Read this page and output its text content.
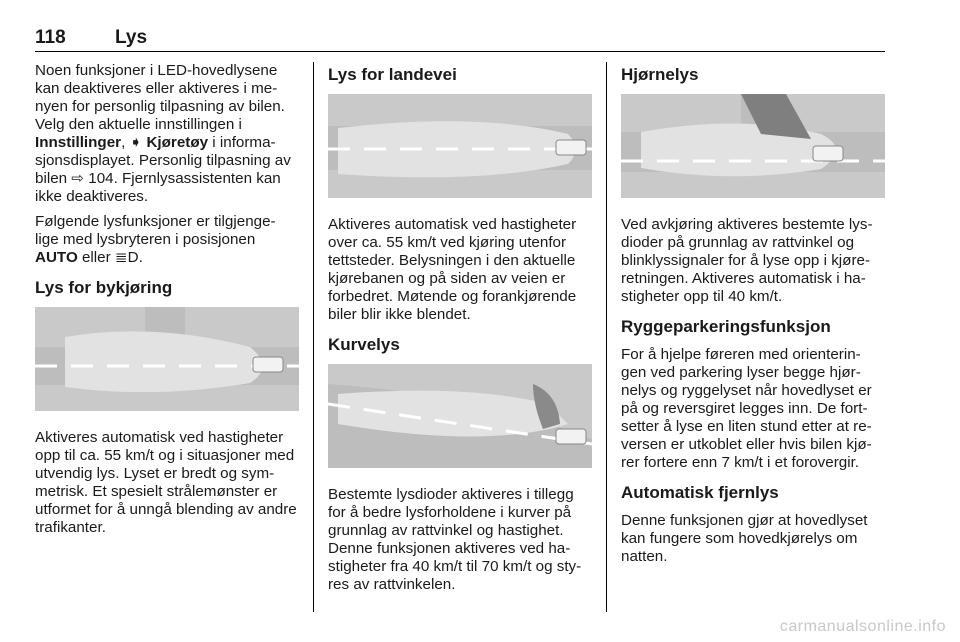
118	Lys

Noen funksjoner i LED-hovedlysene kan deaktiveres eller aktiveres i me-nyen for personlig tilpasning av bilen. Velg den aktuelle innstillingen i Innstillinger, ➧ Kjøretøy i informa-sjonsdisplayet. Personlig tilpasning av bilen ⇨ 104. Fjernlysassistenten kan ikke deaktiveres.

Følgende lysfunksjoner er tilgjenge-lige med lysbryteren i posisjonen AUTO eller ≣D.

Lys for bykjøring

Aktiveres automatisk ved hastigheter opp til ca. 55 km/t og i situasjoner med utvendig lys. Lyset er bredt og sym-metrisk. Et spesielt strålemønster er utformet for å unngå blending av andre trafikanter.

Lys for landevei

Aktiveres automatisk ved hastigheter over ca. 55 km/t ved kjøring utenfor tettsteder. Belysningen i den aktuelle kjørebanen og på siden av veien er forbedret. Møtende og forankjørende biler blir ikke blendet.

Kurvelys

Bestemte lysdioder aktiveres i tillegg for å bedre lysforholdene i kurver på grunnlag av rattvinkel og hastighet. Denne funksjonen aktiveres ved ha-stigheter fra 40 km/t til 70 km/t og sty-res av rattvinkelen.

Hjørnelys

Ved avkjøring aktiveres bestemte lys-dioder på grunnlag av rattvinkel og blinklyssignaler for å lyse opp i kjøre-retningen. Aktiveres automatisk i ha-stigheter opp til 40 km/t.

Ryggeparkeringsfunksjon

For å hjelpe føreren med orienterin-gen ved parkering lyser begge hjør-nelys og ryggelyset når hovedlyset er på og reversgiret legges inn. De fort-setter å lyse en liten stund etter at re-versen er utkoblet eller hvis bilen kjø-rer fortere enn 7 km/t i et forovergir.

Automatisk fjernlys

Denne funksjonen gjør at hovedlyset kan fungere som hovedkjørelys om natten.

carmanualsonline.info
